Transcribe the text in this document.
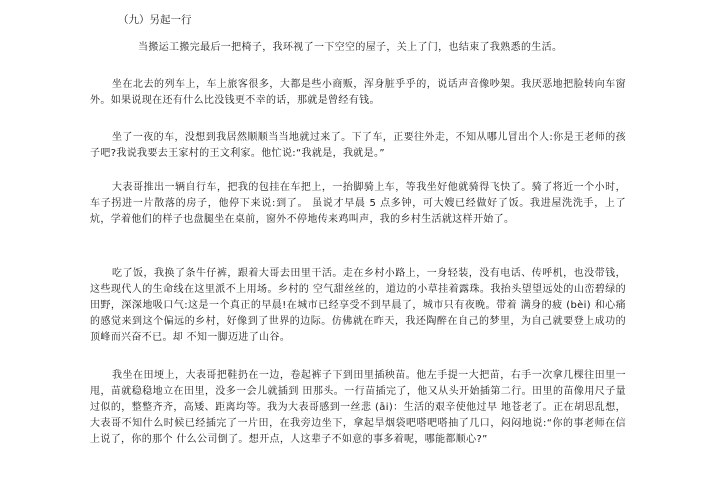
（九）另起一行

当搬运工搬完最后一把椅子，我环视了一下空空的屋子，关上了门，也结束了我熟悉的生活。

坐在北去的列车上，车上旅客很多，大都是些小商贩，浑身脏乎乎的，说话声音像吵架。我厌恶地把脸转向车窗外。如果说现在还有什么比没钱更不幸的话，那就是曾经有钱。

坐了一夜的车，没想到我居然顺顺当当地就过来了。下了车，正要往外走，不知从哪儿冒出个人:你是王老师的孩子吧?我说我要去王家村的王文利家。他忙说:“我就是，我就是。”

大表哥推出一辆自行车，把我的包挂在车把上，一抬脚骑上车，等我坐好他就骑得飞快了。骑了将近一个小时，车子拐进一片散落的房子，他停下来说:到了。 虽说才早晨 5 点多钟，可大嫂已经做好了饭。我进屋洗洗手，上了炕，学着他们的样子也盘腿坐在桌前，窗外不停地传来鸡叫声，我的乡村生活就这样开始了。

吃了饭，我换了条牛仔裤，跟着大哥去田里干活。走在乡村小路上，一身轻装，没有电话、传呼机，也没带钱，这些现代人的生命线在这里派不上用场。乡村的 空气甜丝丝的，道边的小草挂着露珠。我抬头望望远处的山峦碧绿的田野，深深地吸口气:这是一个真正的早晨!在城市已经享受不到早晨了，城市只有夜晚。带着 满身的疲 (bèi) 和心痛的感觉来到这个偏远的乡村，好像到了世界的边际。仿佛就在昨天，我还陶醉在自己的梦里，为自己就要登上成功的顶峰而兴奋不已。却 不知一脚迈进了山谷。

我坐在田埂上，大表哥把鞋扔在一边，卷起裤子下到田里插秧苗。他左手提一大把苗，右手一次拿几棵往田里一甩，苗就稳稳地立在田里，没多一会儿就插到 田那头。一行苗插完了，他又从头开始插第二行。田里的苗像用尺子量过似的，整整齐齐，高矮、距离均等。我为大表哥感到一丝悲 (āi)：生活的艰辛使他过早 地苍老了。正在胡思乱想，大表哥不知什么时候已经插完了一片田，在我旁边坐下，拿起旱烟袋吧嗒吧嗒抽了几口，闷闷地说:“你的事老师在信上说了，你的那个 什么公司倒了。想开点，人这辈子不如意的事多着呢，哪能都顺心?”
